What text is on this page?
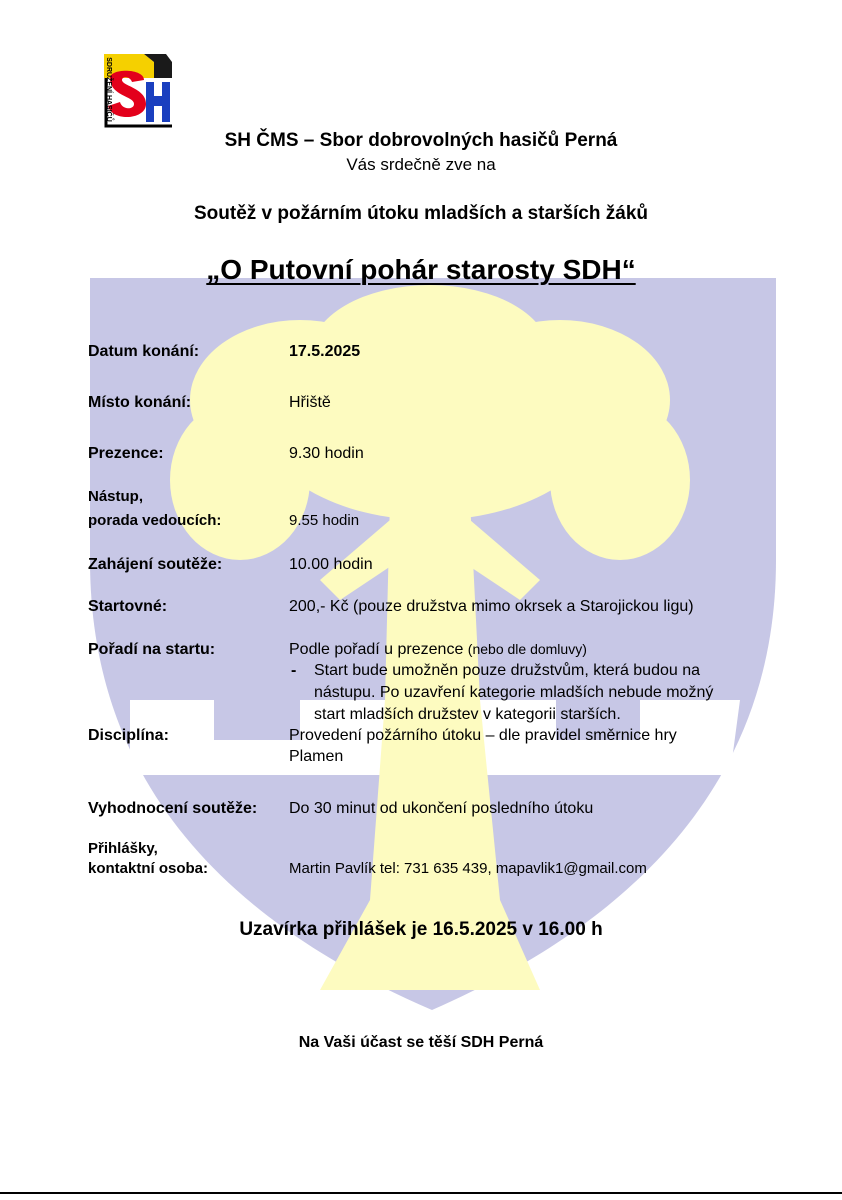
SDRUŽENÍ HASIČŮ
SH ČMS – Sbor dobrovolných hasičů Perná
Vás srdečně zve na
Soutěž v požárním útoku mladších a starších žáků
„O Putovní pohár starosty SDH“
Datum konání:	17.5.2025
Místo konání:	Hřiště
Prezence:	9.30 hodin
Nástup,
porada vedoucích:	9.55 hodin
Zahájení soutěže:	10.00 hodin
Startovné:	200,- Kč (pouze družstva mimo okrsek a Starojickou ligu)
Pořadí na startu:	Podle pořadí u prezence (nebo dle domluvy)
- Start bude umožněn pouze družstvům, která budou na
nástupu. Po uzavření kategorie mladších nebude možný
start mladších družstev v kategorii starších.
Disciplína:	Provedení požárního útoku – dle pravidel směrnice hry
Plamen
Vyhodnocení soutěže: Do 30 minut od ukončení posledního útoku
Přihlášky,
kontaktní osoba:	Martin Pavlík tel: 731 635 439, mapavlik1@gmail.com
Uzavírka přihlášek je 16.5.2025 v 16.00 h
Na Vaši účast se těší SDH Perná
